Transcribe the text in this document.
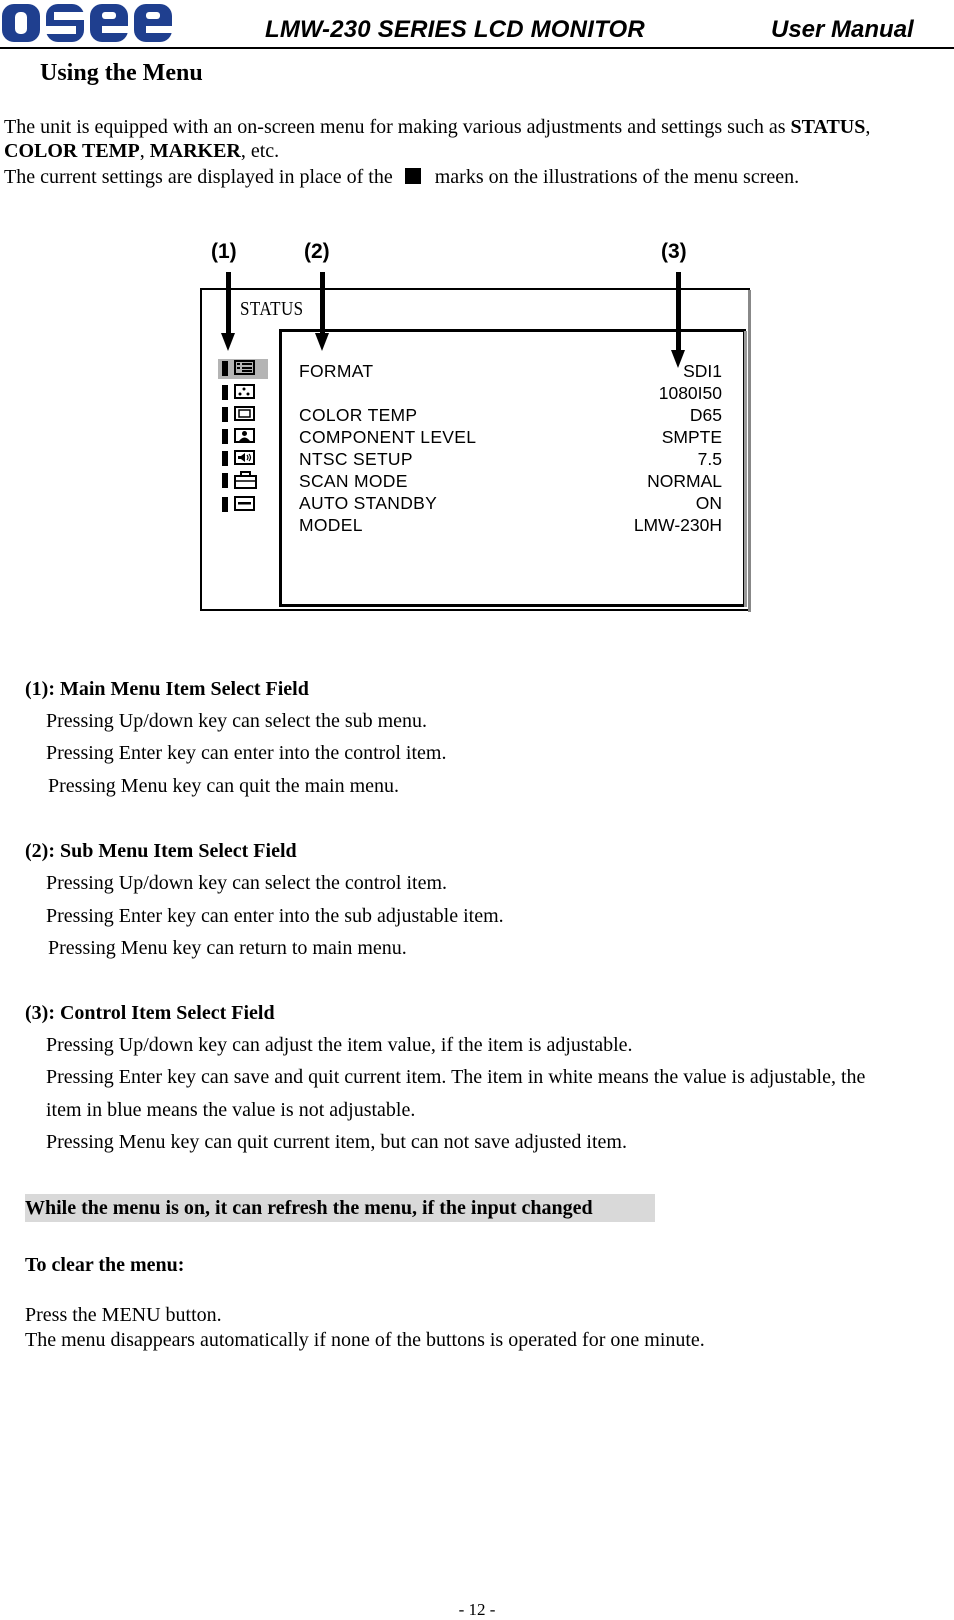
LMW-230 SERIES LCD MONITOR	User Manual
Using the Menu
The unit is equipped with an on-screen menu for making various adjustments and settings such as STATUS,
COLOR TEMP, MARKER, etc.
The current settings are displayed in place of the marks on the illustrations of the menu screen.
(1)	(2)	(3)
STATUS
FORMAT	SDI1
1080I50
COLOR TEMP	D65
COMPONENT LEVEL	SMPTE
NTSC SETUP	7.5
SCAN MODE	NORMAL
AUTO STANDBY	ON
MODEL	LMW-230H
(1): Main Menu Item Select Field
Pressing Up/down key can select the sub menu.
Pressing Enter key can enter into the control item.
Pressing Menu key can quit the main menu.
(2): Sub Menu Item Select Field
Pressing Up/down key can select the control item.
Pressing Enter key can enter into the sub adjustable item.
Pressing Menu key can return to main menu.
(3): Control Item Select Field
Pressing Up/down key can adjust the item value, if the item is adjustable.
Pressing Enter key can save and quit current item. The item in white means the value is adjustable, the
item in blue means the value is not adjustable.
Pressing Menu key can quit current item, but can not save adjusted item.
While the menu is on, it can refresh the menu, if the input changed
To clear the menu:
Press the MENU button.
The menu disappears automatically if none of the buttons is operated for one minute.
- 12 -
